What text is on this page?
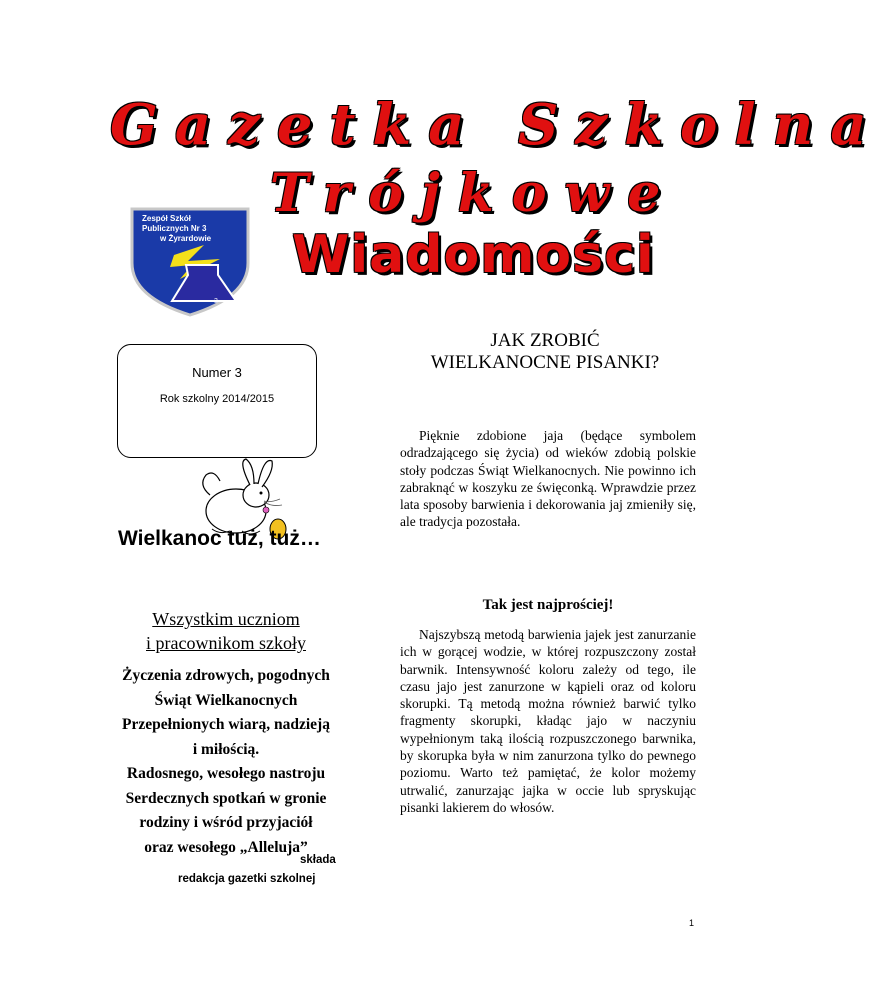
Gazetka Szkolna
Trójkowe
Wiadomości
Zespół Szkół
Publicznych Nr 3
w Żyrardowie
3
Numer 3
Rok szkolny 2014/2015
Wielkanoc tuż, tuż…
JAK ZROBIĆ
WIELKANOCNE PISANKI?
Pięknie zdobione jaja (będące symbolem odradzającego się życia) od wieków zdobią polskie stoły podczas Świąt Wielkanocnych. Nie powinno ich zabraknąć w koszyku ze święconką. Wprawdzie przez lata sposoby barwienia i dekorowania jaj zmieniły się, ale tradycja pozostała.
Tak jest najprościej!
Najszybszą metodą barwienia jajek jest zanurzanie ich w gorącej wodzie, w której rozpuszczony został barwnik. Intensywność koloru zależy od tego, ile czasu jajo jest zanurzone w kąpieli oraz od koloru skorupki. Tą metodą można również barwić tylko fragmenty skorupki, kładąc jajo w naczyniu wypełnionym taką ilością rozpuszczonego barwnika, by skorupka była w nim zanurzona tylko do pewnego poziomu. Warto też pamiętać, że kolor możemy utrwalić, zanurzając jajka w occie lub spryskując pisanki lakierem do włosów.
Wszystkim uczniom
i pracownikom szkoły
Życzenia zdrowych, pogodnych
Świąt Wielkanocnych
Przepełnionych wiarą, nadzieją
i miłością.
Radosnego, wesołego nastroju
Serdecznych spotkań w gronie
rodziny i wśród przyjaciół
oraz wesołego „Alleluja”
składa
redakcja gazetki szkolnej
1
